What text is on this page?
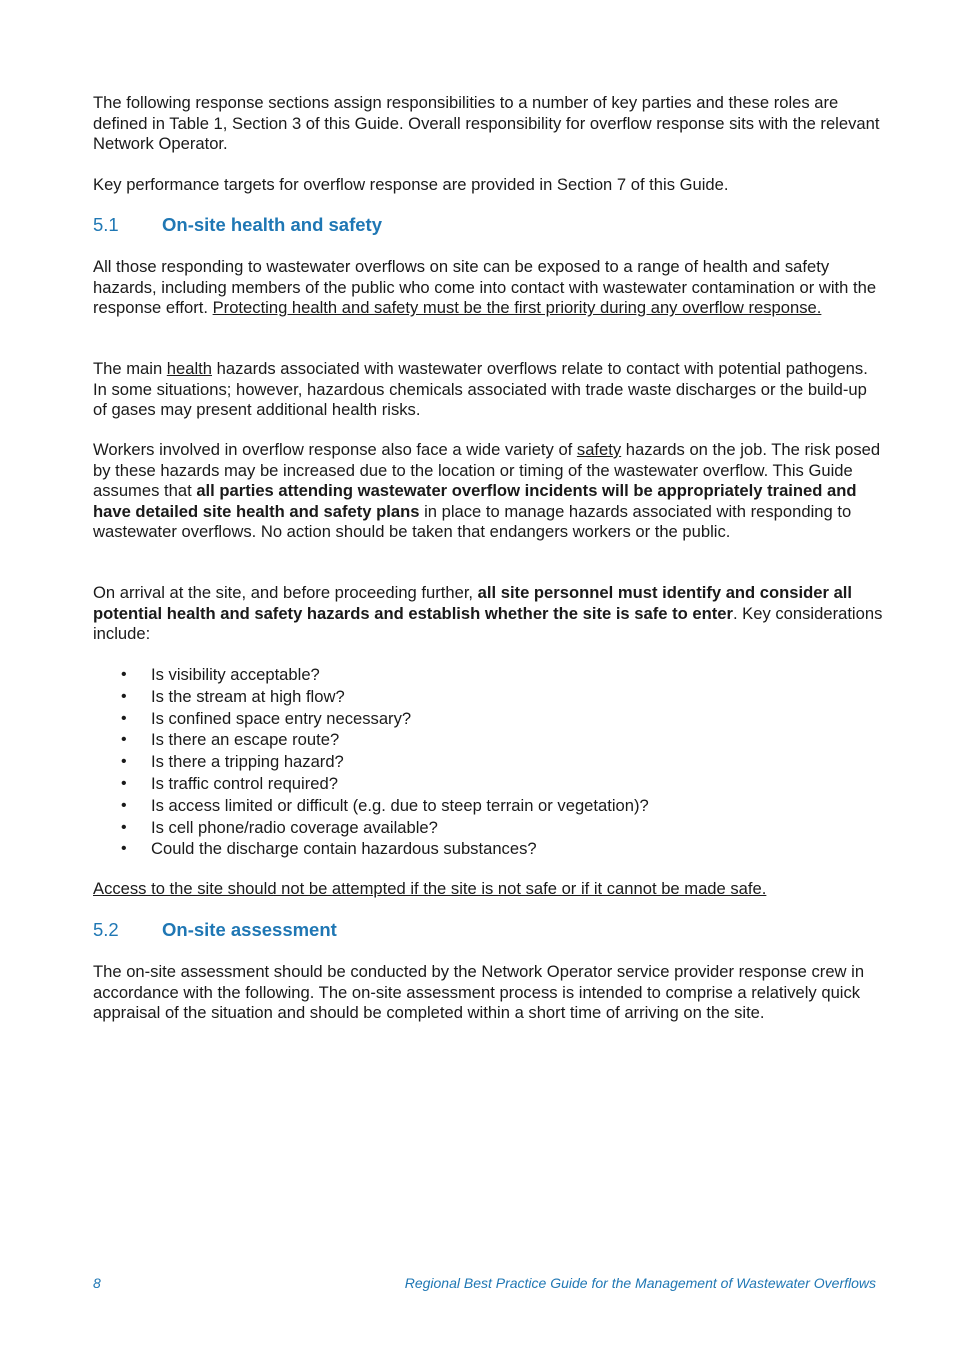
The following response sections assign responsibilities to a number of key parties and these roles are defined in Table 1, Section 3 of this Guide. Overall responsibility for overflow response sits with the relevant Network Operator.

Key performance targets for overflow response are provided in Section 7 of this Guide.

5.1 On-site health and safety

All those responding to wastewater overflows on site can be exposed to a range of health and safety hazards, including members of the public who come into contact with wastewater contamination or with the response effort. Protecting health and safety must be the first priority during any overflow response.

The main health hazards associated with wastewater overflows relate to contact with potential pathogens. In some situations; however, hazardous chemicals associated with trade waste discharges or the build-up of gases may present additional health risks.

Workers involved in overflow response also face a wide variety of safety hazards on the job. The risk posed by these hazards may be increased due to the location or timing of the wastewater overflow. This Guide assumes that all parties attending wastewater overflow incidents will be appropriately trained and have detailed site health and safety plans in place to manage hazards associated with responding to wastewater overflows. No action should be taken that endangers workers or the public.

On arrival at the site, and before proceeding further, all site personnel must identify and consider all potential health and safety hazards and establish whether the site is safe to enter. Key considerations include:

• Is visibility acceptable?
• Is the stream at high flow?
• Is confined space entry necessary?
• Is there an escape route?
• Is there a tripping hazard?
• Is traffic control required?
• Is access limited or difficult (e.g. due to steep terrain or vegetation)?
• Is cell phone/radio coverage available?
• Could the discharge contain hazardous substances?

Access to the site should not be attempted if the site is not safe or if it cannot be made safe.

5.2 On-site assessment

The on-site assessment should be conducted by the Network Operator service provider response crew in accordance with the following. The on-site assessment process is intended to comprise a relatively quick appraisal of the situation and should be completed within a short time of arriving on the site.

8	Regional Best Practice Guide for the Management of Wastewater Overflows
